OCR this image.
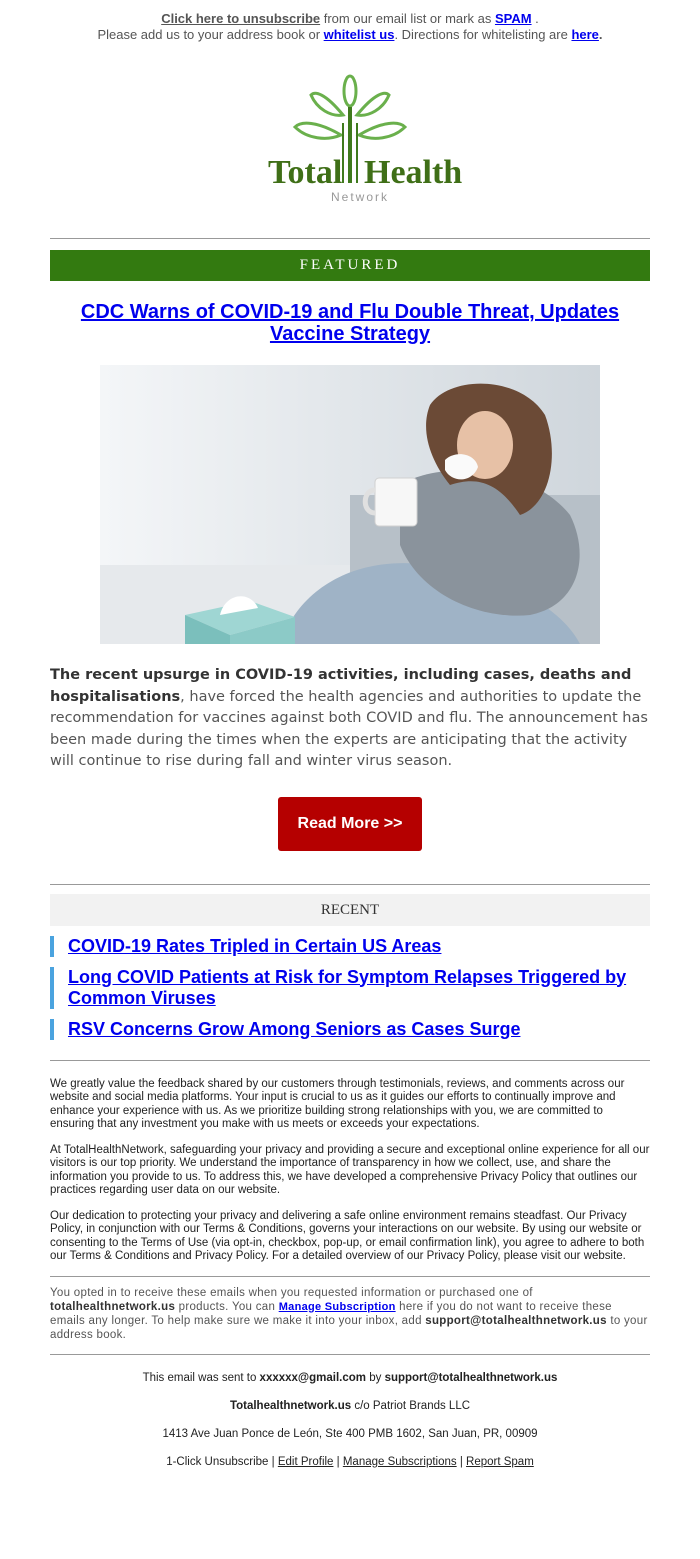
Click here to unsubscribe from our email list or mark as SPAM .
Please add us to your address book or whitelist us. Directions for whitelisting are here.
Total Health
Network
FEATURED
CDC Warns of COVID-19 and Flu Double Threat, Updates Vaccine Strategy
The recent upsurge in COVID-19 activities, including cases, deaths and hospitalisations, have forced the health agencies and authorities to update the recommendation for vaccines against both COVID and flu. The announcement has been made during the times when the experts are anticipating that the activity will continue to rise during fall and winter virus season.
Read More >>
RECENT
COVID-19 Rates Tripled in Certain US Areas
Long COVID Patients at Risk for Symptom Relapses Triggered by Common Viruses
RSV Concerns Grow Among Seniors as Cases Surge

We greatly value the feedback shared by our customers through testimonials, reviews, and comments across our website and social media platforms. Your input is crucial to us as it guides our efforts to continually improve and enhance your experience with us. As we prioritize building strong relationships with you, we are committed to ensuring that any investment you make with us meets or exceeds your expectations.

At TotalHealthNetwork, safeguarding your privacy and providing a secure and exceptional online experience for all our visitors is our top priority. We understand the importance of transparency in how we collect, use, and share the information you provide to us. To address this, we have developed a comprehensive Privacy Policy that outlines our practices regarding user data on our website.

Our dedication to protecting your privacy and delivering a safe online environment remains steadfast. Our Privacy Policy, in conjunction with our Terms & Conditions, governs your interactions on our website. By using our website or consenting to the Terms of Use (via opt-in, checkbox, pop-up, or email confirmation link), you agree to adhere to both our Terms & Conditions and Privacy Policy. For a detailed overview of our Privacy Policy, please visit our website.

You opted in to receive these emails when you requested information or purchased one of totalhealthnetwork.us products. You can Manage Subscription here if you do not want to receive these emails any longer. To help make sure we make it into your inbox, add support@totalhealthnetwork.us to your address book.

This email was sent to xxxxxx@gmail.com by support@totalhealthnetwork.us

Totalhealthnetwork.us c/o Patriot Brands LLC

1413 Ave Juan Ponce de León, Ste 400 PMB 1602, San Juan, PR, 00909

1-Click Unsubscribe | Edit Profile | Manage Subscriptions | Report Spam
